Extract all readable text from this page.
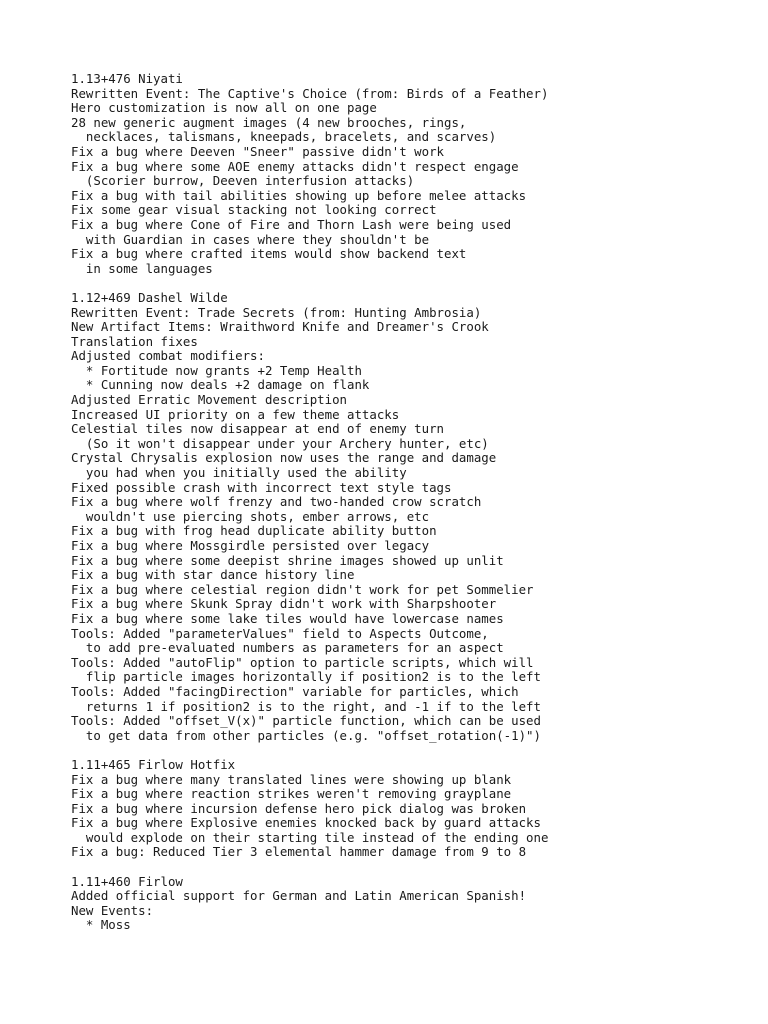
1.13+476 Niyati
Rewritten Event: The Captive's Choice (from: Birds of a Feather)
Hero customization is now all on one page
28 new generic augment images (4 new brooches, rings,
necklaces, talismans, kneepads, bracelets, and scarves)
Fix a bug where Deeven "Sneer" passive didn't work
Fix a bug where some AOE enemy attacks didn't respect engage
(Scorier burrow, Deeven interfusion attacks)
Fix a bug with tail abilities showing up before melee attacks
Fix some gear visual stacking not looking correct
Fix a bug where Cone of Fire and Thorn Lash were being used
with Guardian in cases where they shouldn't be
Fix a bug where crafted items would show backend text
in some languages
1.12+469 Dashel Wilde
Rewritten Event: Trade Secrets (from: Hunting Ambrosia)
New Artifact Items: Wraithword Knife and Dreamer's Crook
Translation fixes
Adjusted combat modifiers:
* Fortitude now grants +2 Temp Health
* Cunning now deals +2 damage on flank
Adjusted Erratic Movement description
Increased UI priority on a few theme attacks
Celestial tiles now disappear at end of enemy turn
(So it won't disappear under your Archery hunter, etc)
Crystal Chrysalis explosion now uses the range and damage
you had when you initially used the ability
Fixed possible crash with incorrect text style tags
Fix a bug where wolf frenzy and two-handed crow scratch
wouldn't use piercing shots, ember arrows, etc
Fix a bug with frog head duplicate ability button
Fix a bug where Mossgirdle persisted over legacy
Fix a bug where some deepist shrine images showed up unlit
Fix a bug with star dance history line
Fix a bug where celestial region didn't work for pet Sommelier
Fix a bug where Skunk Spray didn't work with Sharpshooter
Fix a bug where some lake tiles would have lowercase names
Tools: Added "parameterValues" field to Aspects Outcome,
to add pre-evaluated numbers as parameters for an aspect
Tools: Added "autoFlip" option to particle scripts, which will
flip particle images horizontally if position2 is to the left
Tools: Added "facingDirection" variable for particles, which
returns 1 if position2 is to the right, and -1 if to the left
Tools: Added "offset_V(x)" particle function, which can be used
to get data from other particles (e.g. "offset_rotation(-1)")
1.11+465 Firlow Hotfix
Fix a bug where many translated lines were showing up blank
Fix a bug where reaction strikes weren't removing grayplane
Fix a bug where incursion defense hero pick dialog was broken
Fix a bug where Explosive enemies knocked back by guard attacks
would explode on their starting tile instead of the ending one
Fix a bug: Reduced Tier 3 elemental hammer damage from 9 to 8
1.11+460 Firlow
Added official support for German and Latin American Spanish!
New Events:
* Moss
